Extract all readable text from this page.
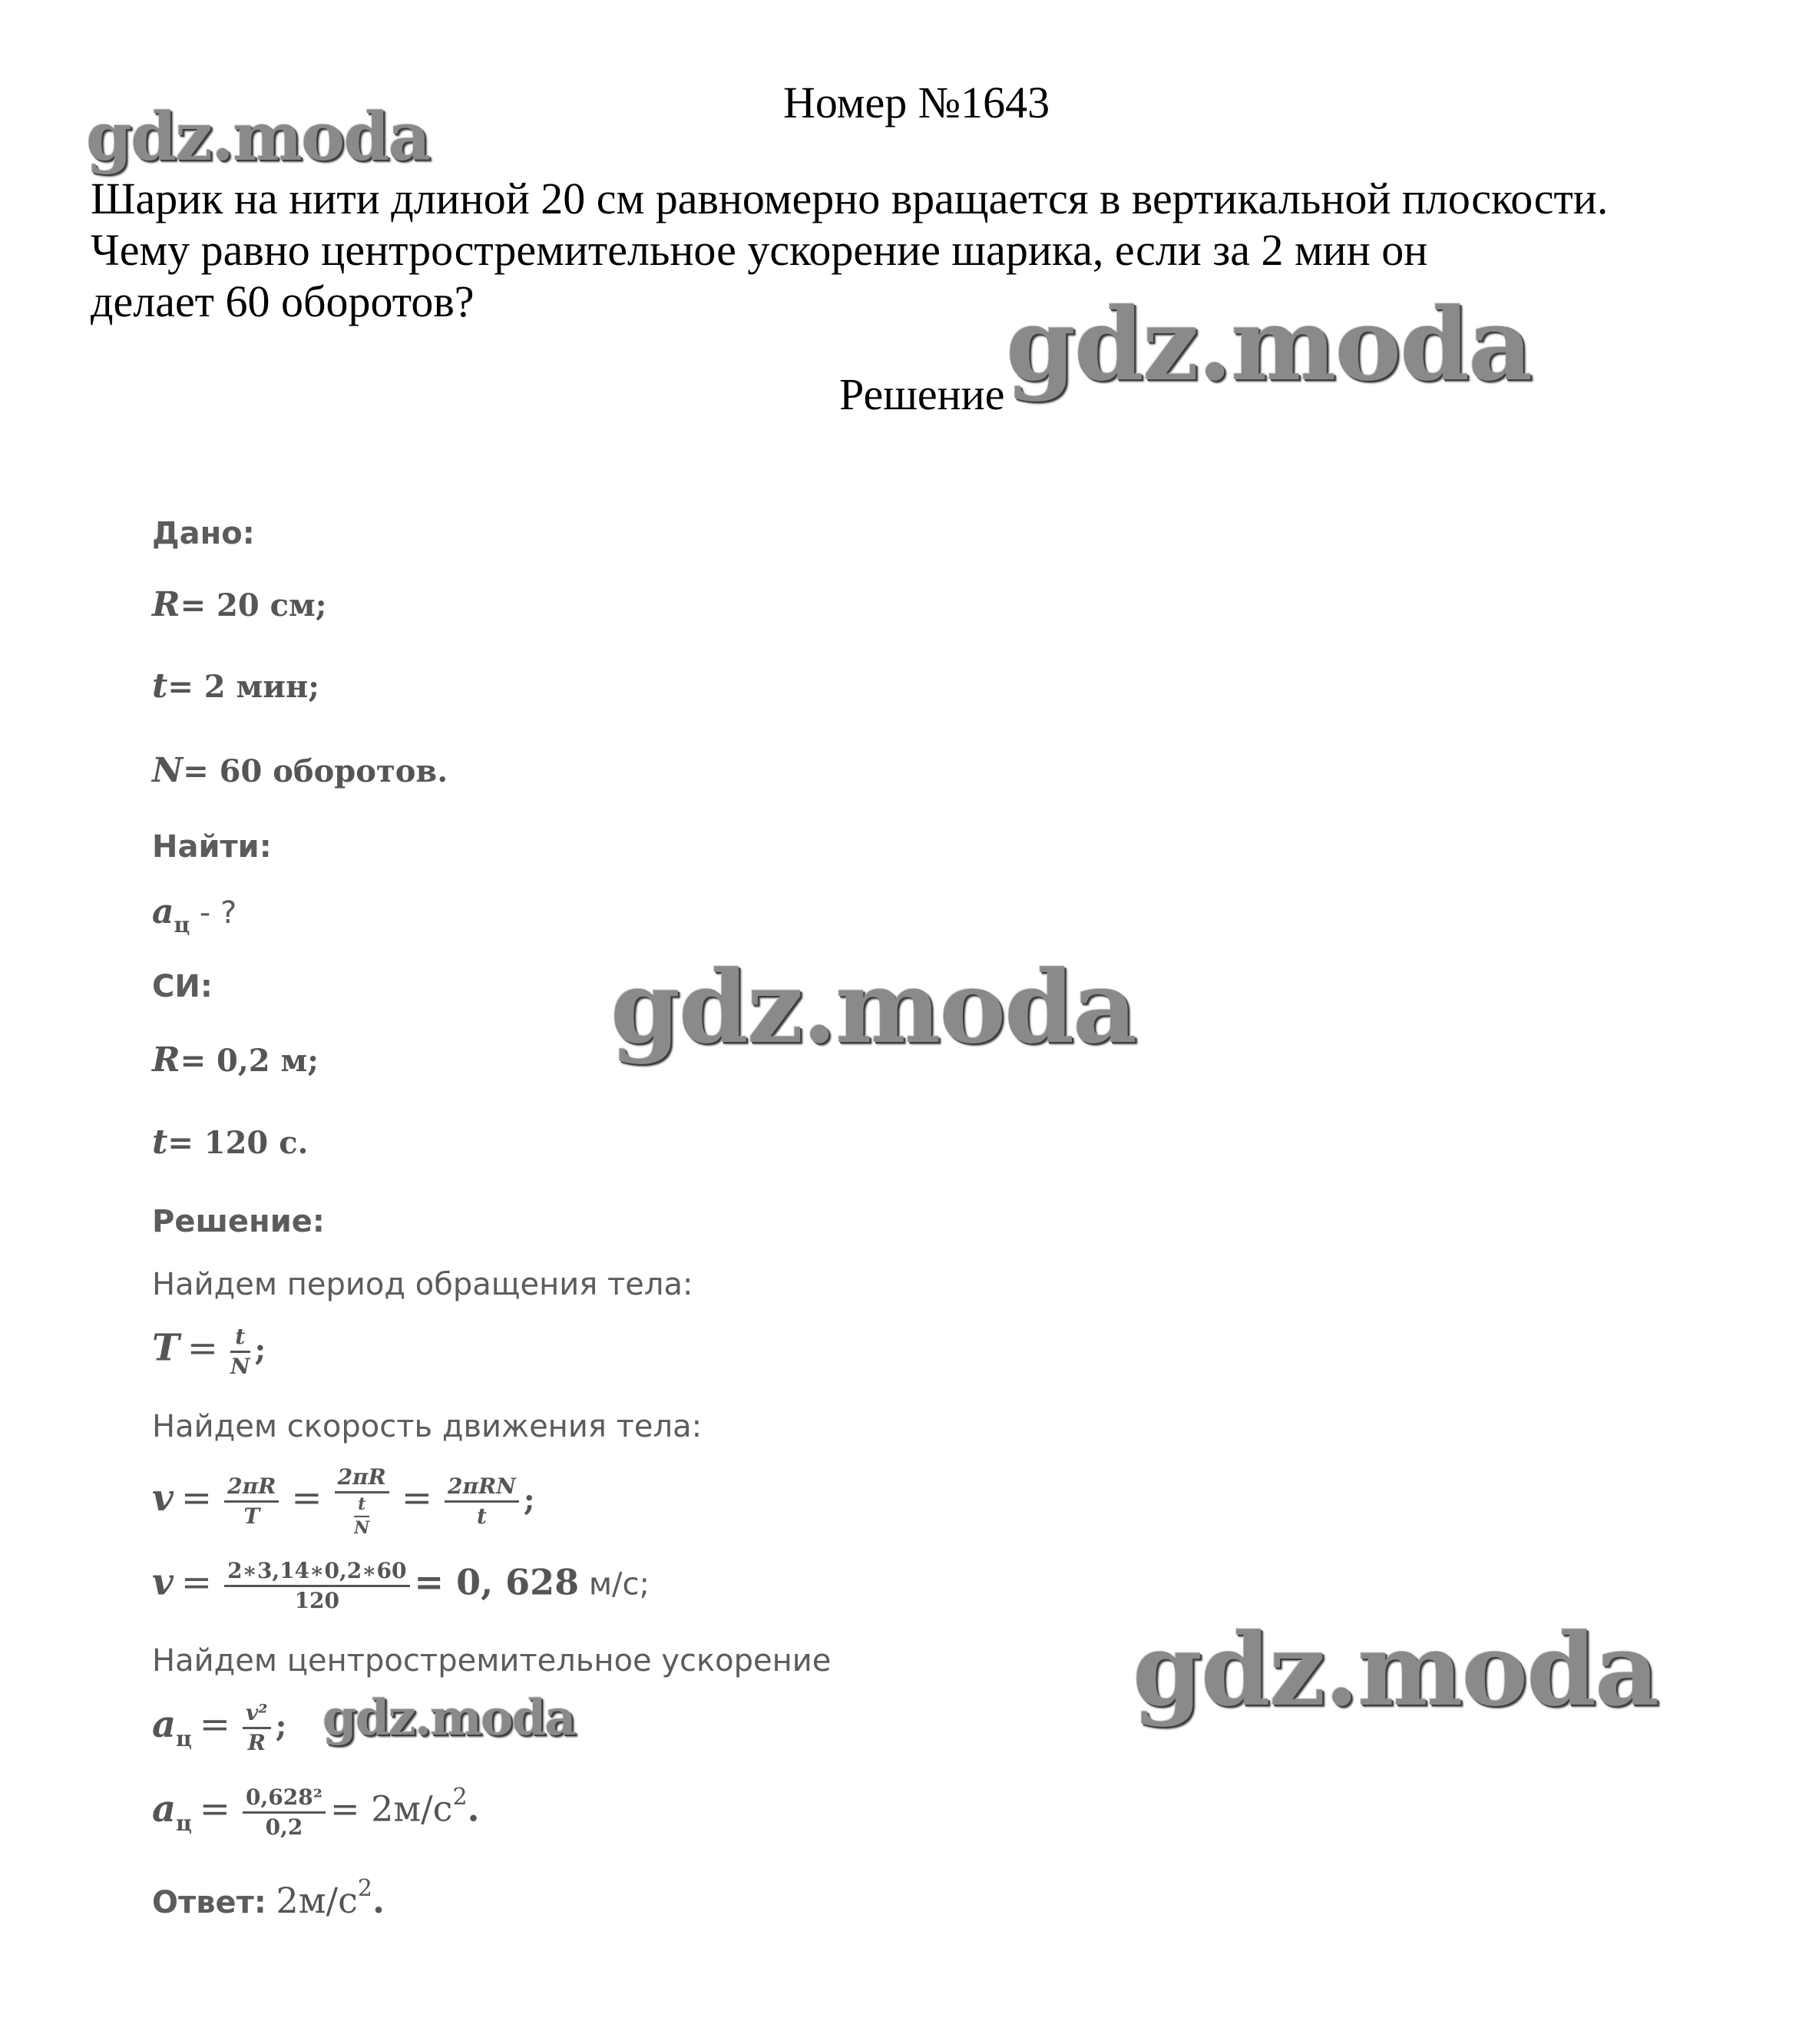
Номер №1643
Шарик на нити длиной 20 см равномерно вращается в вертикальной плоскости.
Чему равно центростремительное ускорение шарика, если за 2 мин он
делает 60 оборотов?
Решение
gdz.moda
gdz.moda
gdz.moda
gdz.moda
gdz.moda
Дано:
R= 20 см;
t= 2 мин;
N= 60 оборотов.
Найти:
$a_ц$ - ?
СИ:
R= 0,2 м;
t= 120 с.
Решение:
Найдем период обращения тела:
$T = \frac{t}{N}$ ;
Найдем скорость движения тела:
$v = \frac{2\pi R}{T} = \frac{2\pi R}{\frac{t}{N}} = \frac{\text{2πRN}}{t}$ ;
$v = \frac{2∗3,14∗0,2∗60}{120} = 0$, 628 м/с;
Найдем центростремительное ускорение
$a_ц = \frac{\text{v²}}{R}$ ;
$a_ц = \frac{\text{0,628²}}{0,2} = 2м/с^2$.
Ответ: $2м/с^2$.
